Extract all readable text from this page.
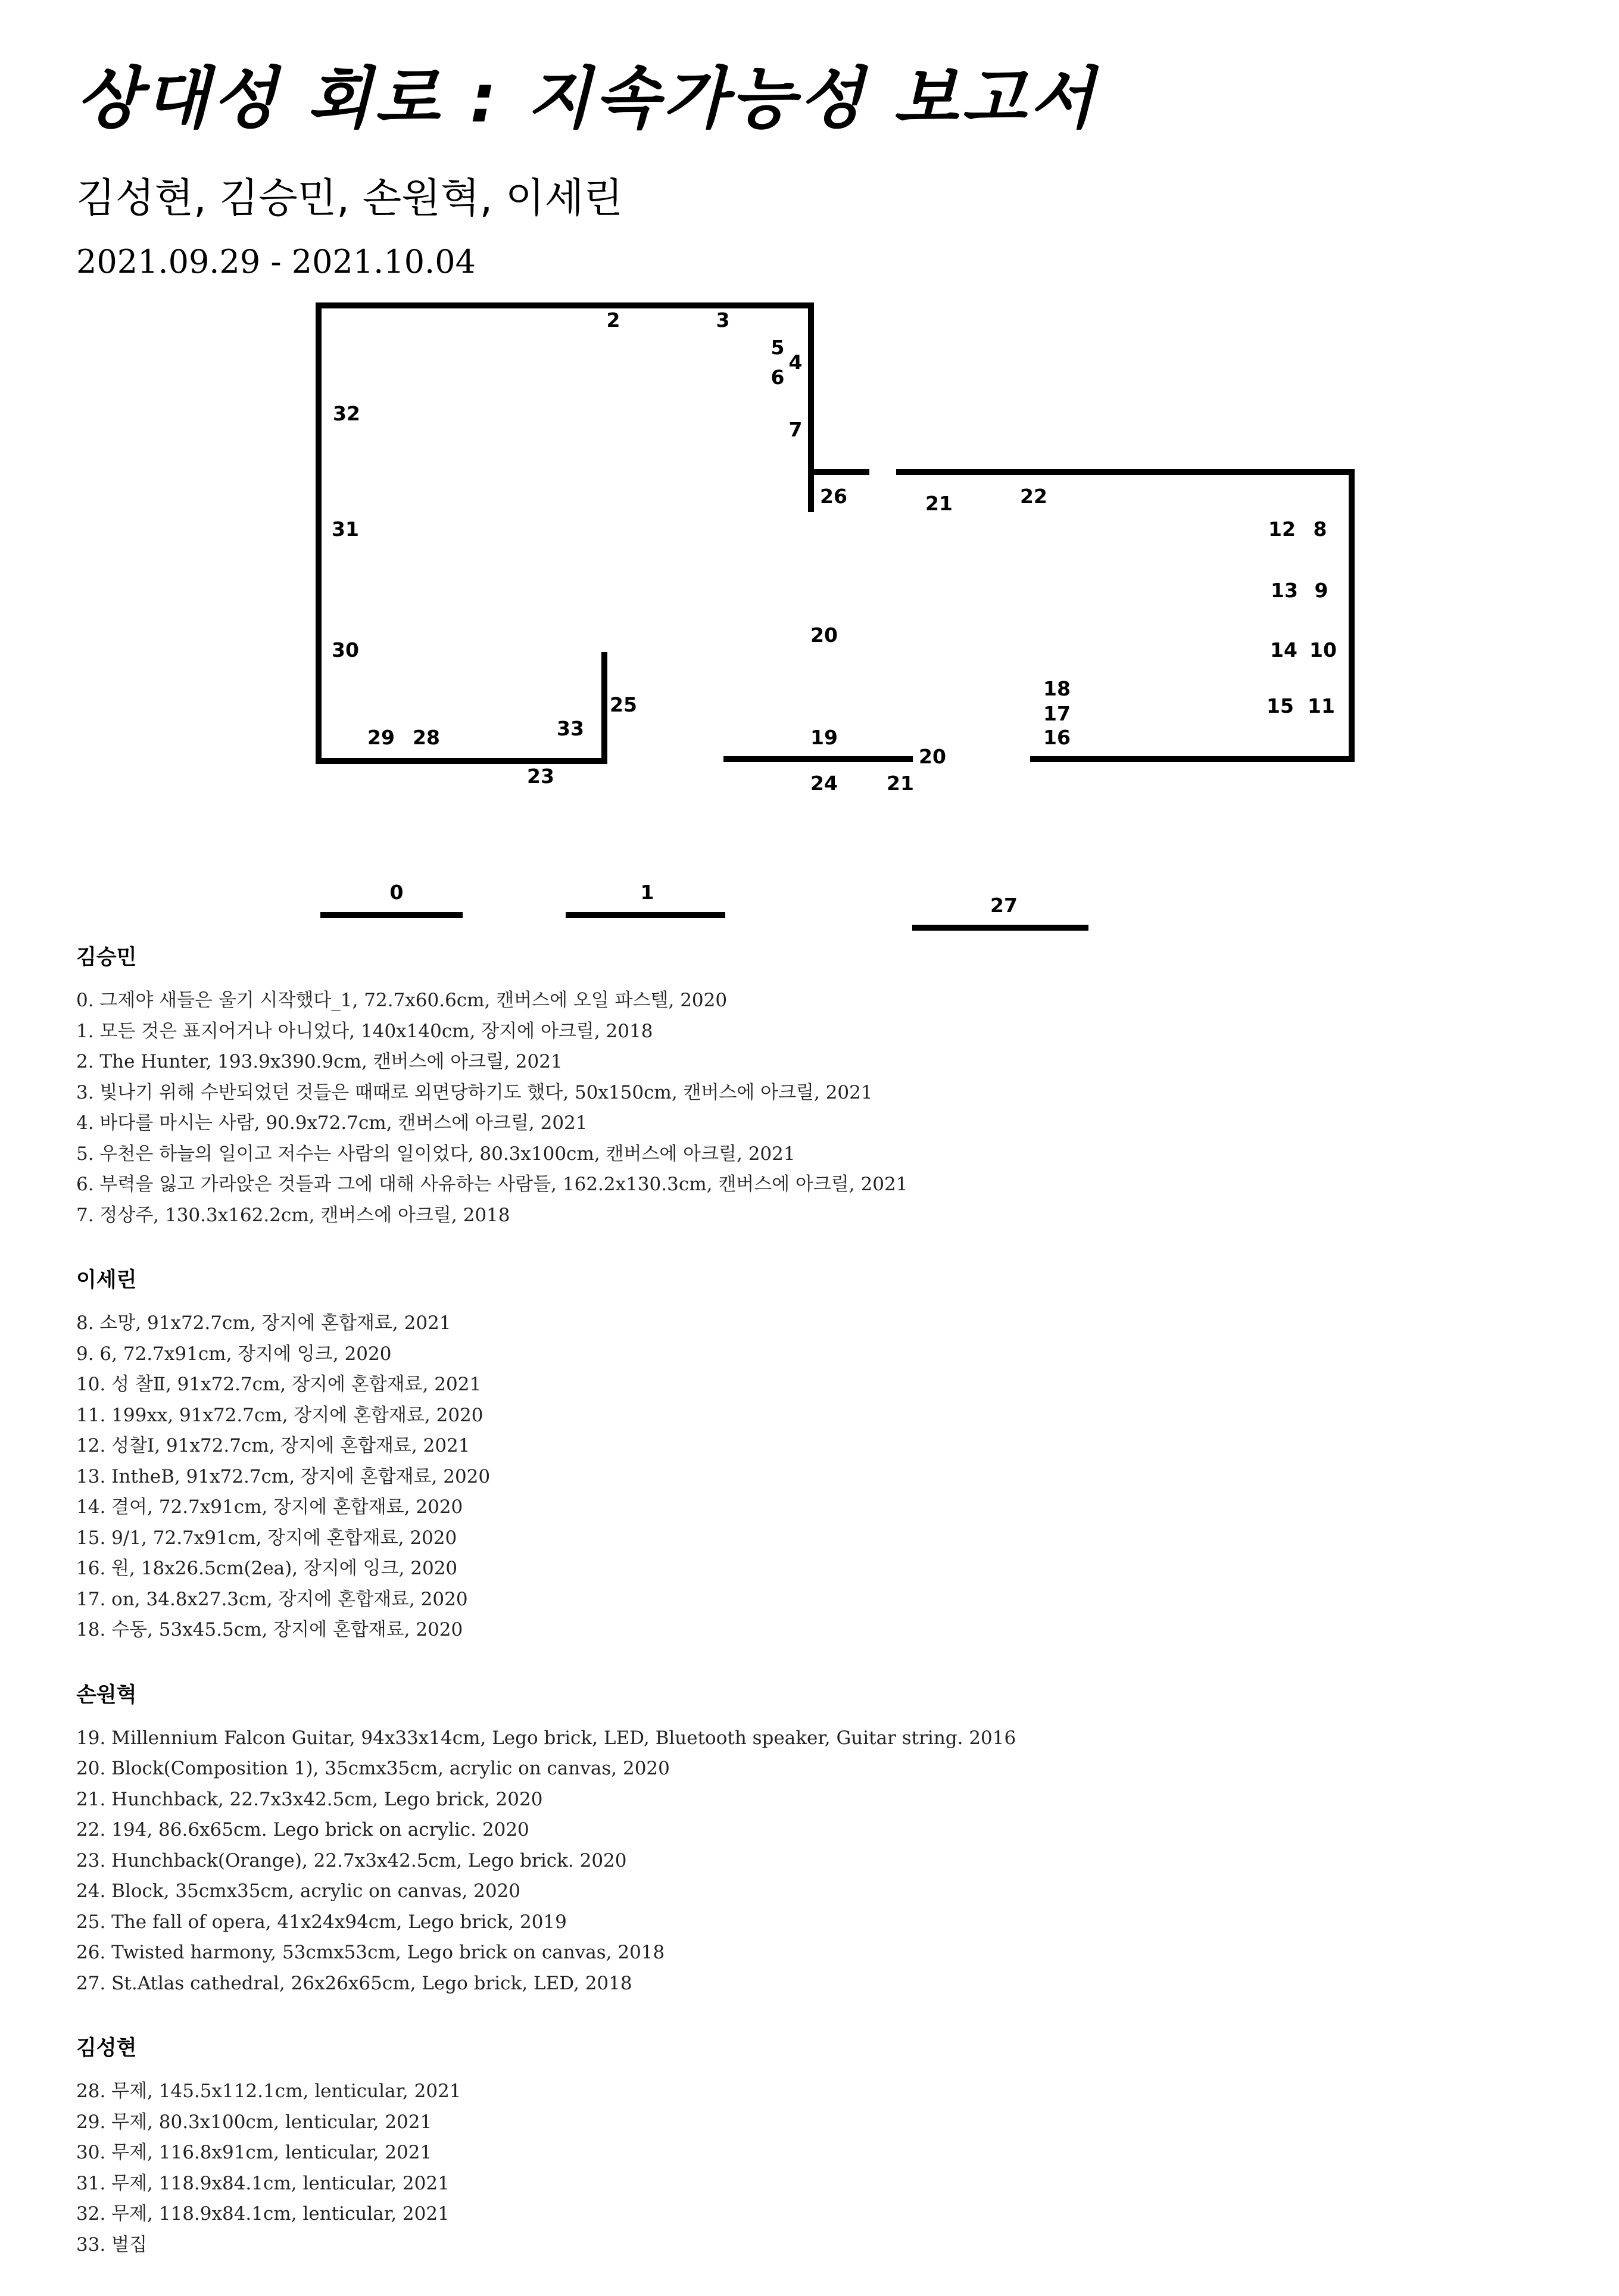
상대성 회로 : 지속가능성 보고서
김성현, 김승민, 손원혁, 이세린
2021.09.29 - 2021.10.04
0	1
2	3
4
5
6
7
8
9
10
11
12
13
14
15
16
17
18
19
20
20
21
21
22
23	24
25
26
27
28
29
30
31
32
33
김승민
0. 그제야 새들은 울기 시작했다_1, 72.7x60.6cm, 캔버스에 오일 파스텔, 2020
1. 모든 것은 표지어거나 아니었다, 140x140cm, 장지에 아크릴, 2018
2. The Hunter, 193.9x390.9cm, 캔버스에 아크릴, 2021
3. 빛나기 위해 수반되었던 것들은 때때로 외면당하기도 했다, 50x150cm, 캔버스에 아크릴, 2021
4. 바다를 마시는 사람, 90.9x72.7cm, 캔버스에 아크릴, 2021
5. 우천은 하늘의 일이고 저수는 사람의 일이었다, 80.3x100cm, 캔버스에 아크릴, 2021
6. 부력을 잃고 가라앉은 것들과 그에 대해 사유하는 사람들, 162.2x130.3cm, 캔버스에 아크릴, 2021
7. 정상주, 130.3x162.2cm, 캔버스에 아크릴, 2018
이세린
8. 소망, 91x72.7cm, 장지에 혼합재료, 2021
9. 6, 72.7x91cm, 장지에 잉크, 2020
10. 성 찰Ⅱ, 91x72.7cm, 장지에 혼합재료, 2021
11. 199xx, 91x72.7cm, 장지에 혼합재료, 2020
12. 성찰Ⅰ, 91x72.7cm, 장지에 혼합재료, 2021
13. IntheB, 91x72.7cm, 장지에 혼합재료, 2020
14. 결여, 72.7x91cm, 장지에 혼합재료, 2020
15. 9/1, 72.7x91cm, 장지에 혼합재료, 2020
16. 원, 18x26.5cm(2ea), 장지에 잉크, 2020
17. on, 34.8x27.3cm, 장지에 혼합재료, 2020
18. 수동, 53x45.5cm, 장지에 혼합재료, 2020
손원혁
19. Millennium Falcon Guitar, 94x33x14cm, Lego brick, LED, Bluetooth speaker, Guitar string. 2016
20. Block(Composition 1), 35cmx35cm, acrylic on canvas, 2020
21. Hunchback, 22.7x3x42.5cm, Lego brick, 2020
22. 194, 86.6x65cm. Lego brick on acrylic. 2020
23. Hunchback(Orange), 22.7x3x42.5cm, Lego brick. 2020
24. Block, 35cmx35cm, acrylic on canvas, 2020
25. The fall of opera, 41x24x94cm, Lego brick, 2019
26. Twisted harmony, 53cmx53cm, Lego brick on canvas, 2018
27. St.Atlas cathedral, 26x26x65cm, Lego brick, LED, 2018
김성현
28. 무제, 145.5x112.1cm, lenticular, 2021
29. 무제, 80.3x100cm, lenticular, 2021
30. 무제, 116.8x91cm, lenticular, 2021
31. 무제, 118.9x84.1cm, lenticular, 2021
32. 무제, 118.9x84.1cm, lenticular, 2021
33. 벌집
